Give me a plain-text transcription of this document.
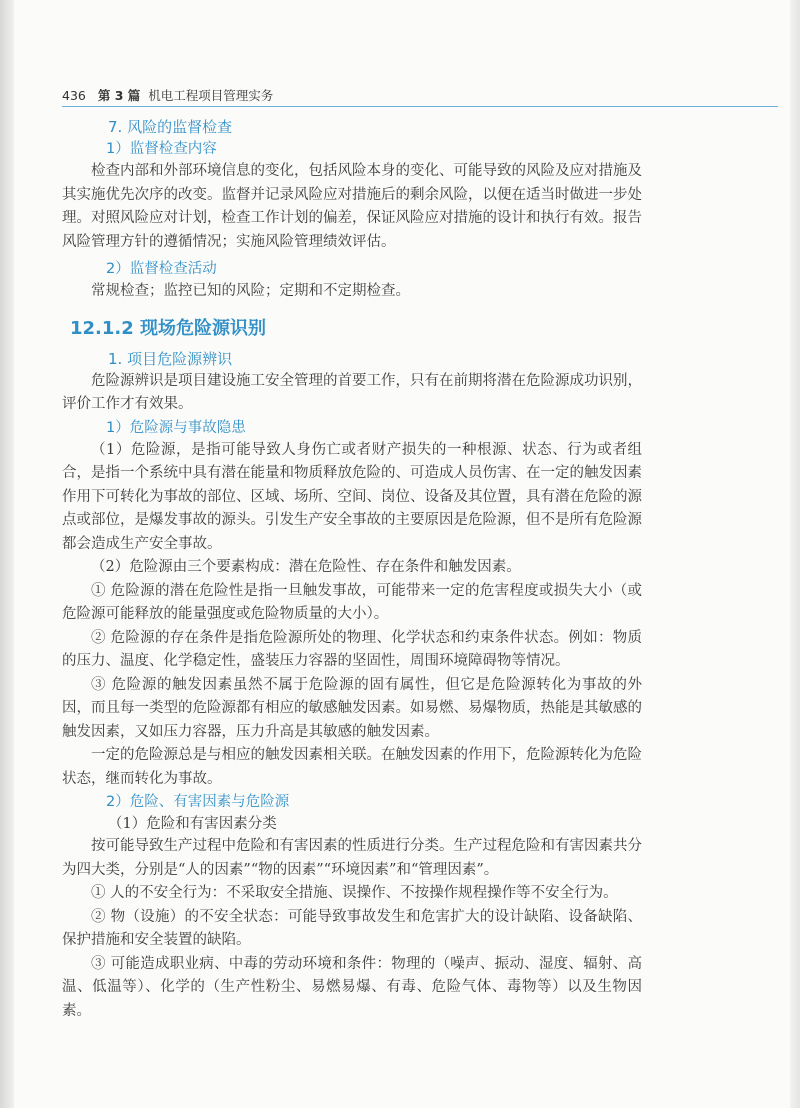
436 第 3 篇 机电工程项目管理实务
7. 风险的监督检查
1）监督检查内容

检查内部和外部环境信息的变化，包括风险本身的变化、可能导致的风险及应对措施及其实施优先次序的改变。监督并记录风险应对措施后的剩余风险，以便在适当时做进一步处理。对照风险应对计划，检查工作计划的偏差，保证风险应对措施的设计和执行有效。报告风险管理方针的遵循情况；实施风险管理绩效评估。

2）监督检查活动

常规检查；监控已知的风险；定期和不定期检查。

12.1.2 现场危险源识别
1. 项目危险源辨识

危险源辨识是项目建设施工安全管理的首要工作，只有在前期将潜在危险源成功识别，评价工作才有效果。

1）危险源与事故隐患

（1）危险源，是指可能导致人身伤亡或者财产损失的一种根源、状态、行为或者组合，是指一个系统中具有潜在能量和物质释放危险的、可造成人员伤害、在一定的触发因素作用下可转化为事故的部位、区域、场所、空间、岗位、设备及其位置，具有潜在危险的源点或部位，是爆发事故的源头。引发生产安全事故的主要原因是危险源，但不是所有危险源都会造成生产安全事故。

（2）危险源由三个要素构成：潜在危险性、存在条件和触发因素。

① 危险源的潜在危险性是指一旦触发事故，可能带来一定的危害程度或损失大小（或危险源可能释放的能量强度或危险物质量的大小）。

② 危险源的存在条件是指危险源所处的物理、化学状态和约束条件状态。例如：物质的压力、温度、化学稳定性，盛装压力容器的坚固性，周围环境障碍物等情况。

③ 危险源的触发因素虽然不属于危险源的固有属性，但它是危险源转化为事故的外因，而且每一类型的危险源都有相应的敏感触发因素。如易燃、易爆物质，热能是其敏感的触发因素，又如压力容器，压力升高是其敏感的触发因素。

一定的危险源总是与相应的触发因素相关联。在触发因素的作用下，危险源转化为危险状态，继而转化为事故。

2）危险、有害因素与危险源
（1）危险和有害因素分类

按可能导致生产过程中危险和有害因素的性质进行分类。生产过程危险和有害因素共分为四大类，分别是“人的因素”“物的因素”“环境因素”和“管理因素”。

① 人的不安全行为：不采取安全措施、误操作、不按操作规程操作等不安全行为。

② 物（设施）的不安全状态：可能导致事故发生和危害扩大的设计缺陷、设备缺陷、保护措施和安全装置的缺陷。

③ 可能造成职业病、中毒的劳动环境和条件：物理的（噪声、振动、湿度、辐射、高温、低温等）、化学的（生产性粉尘、易燃易爆、有毒、危险气体、毒物等）以及生物因素。
